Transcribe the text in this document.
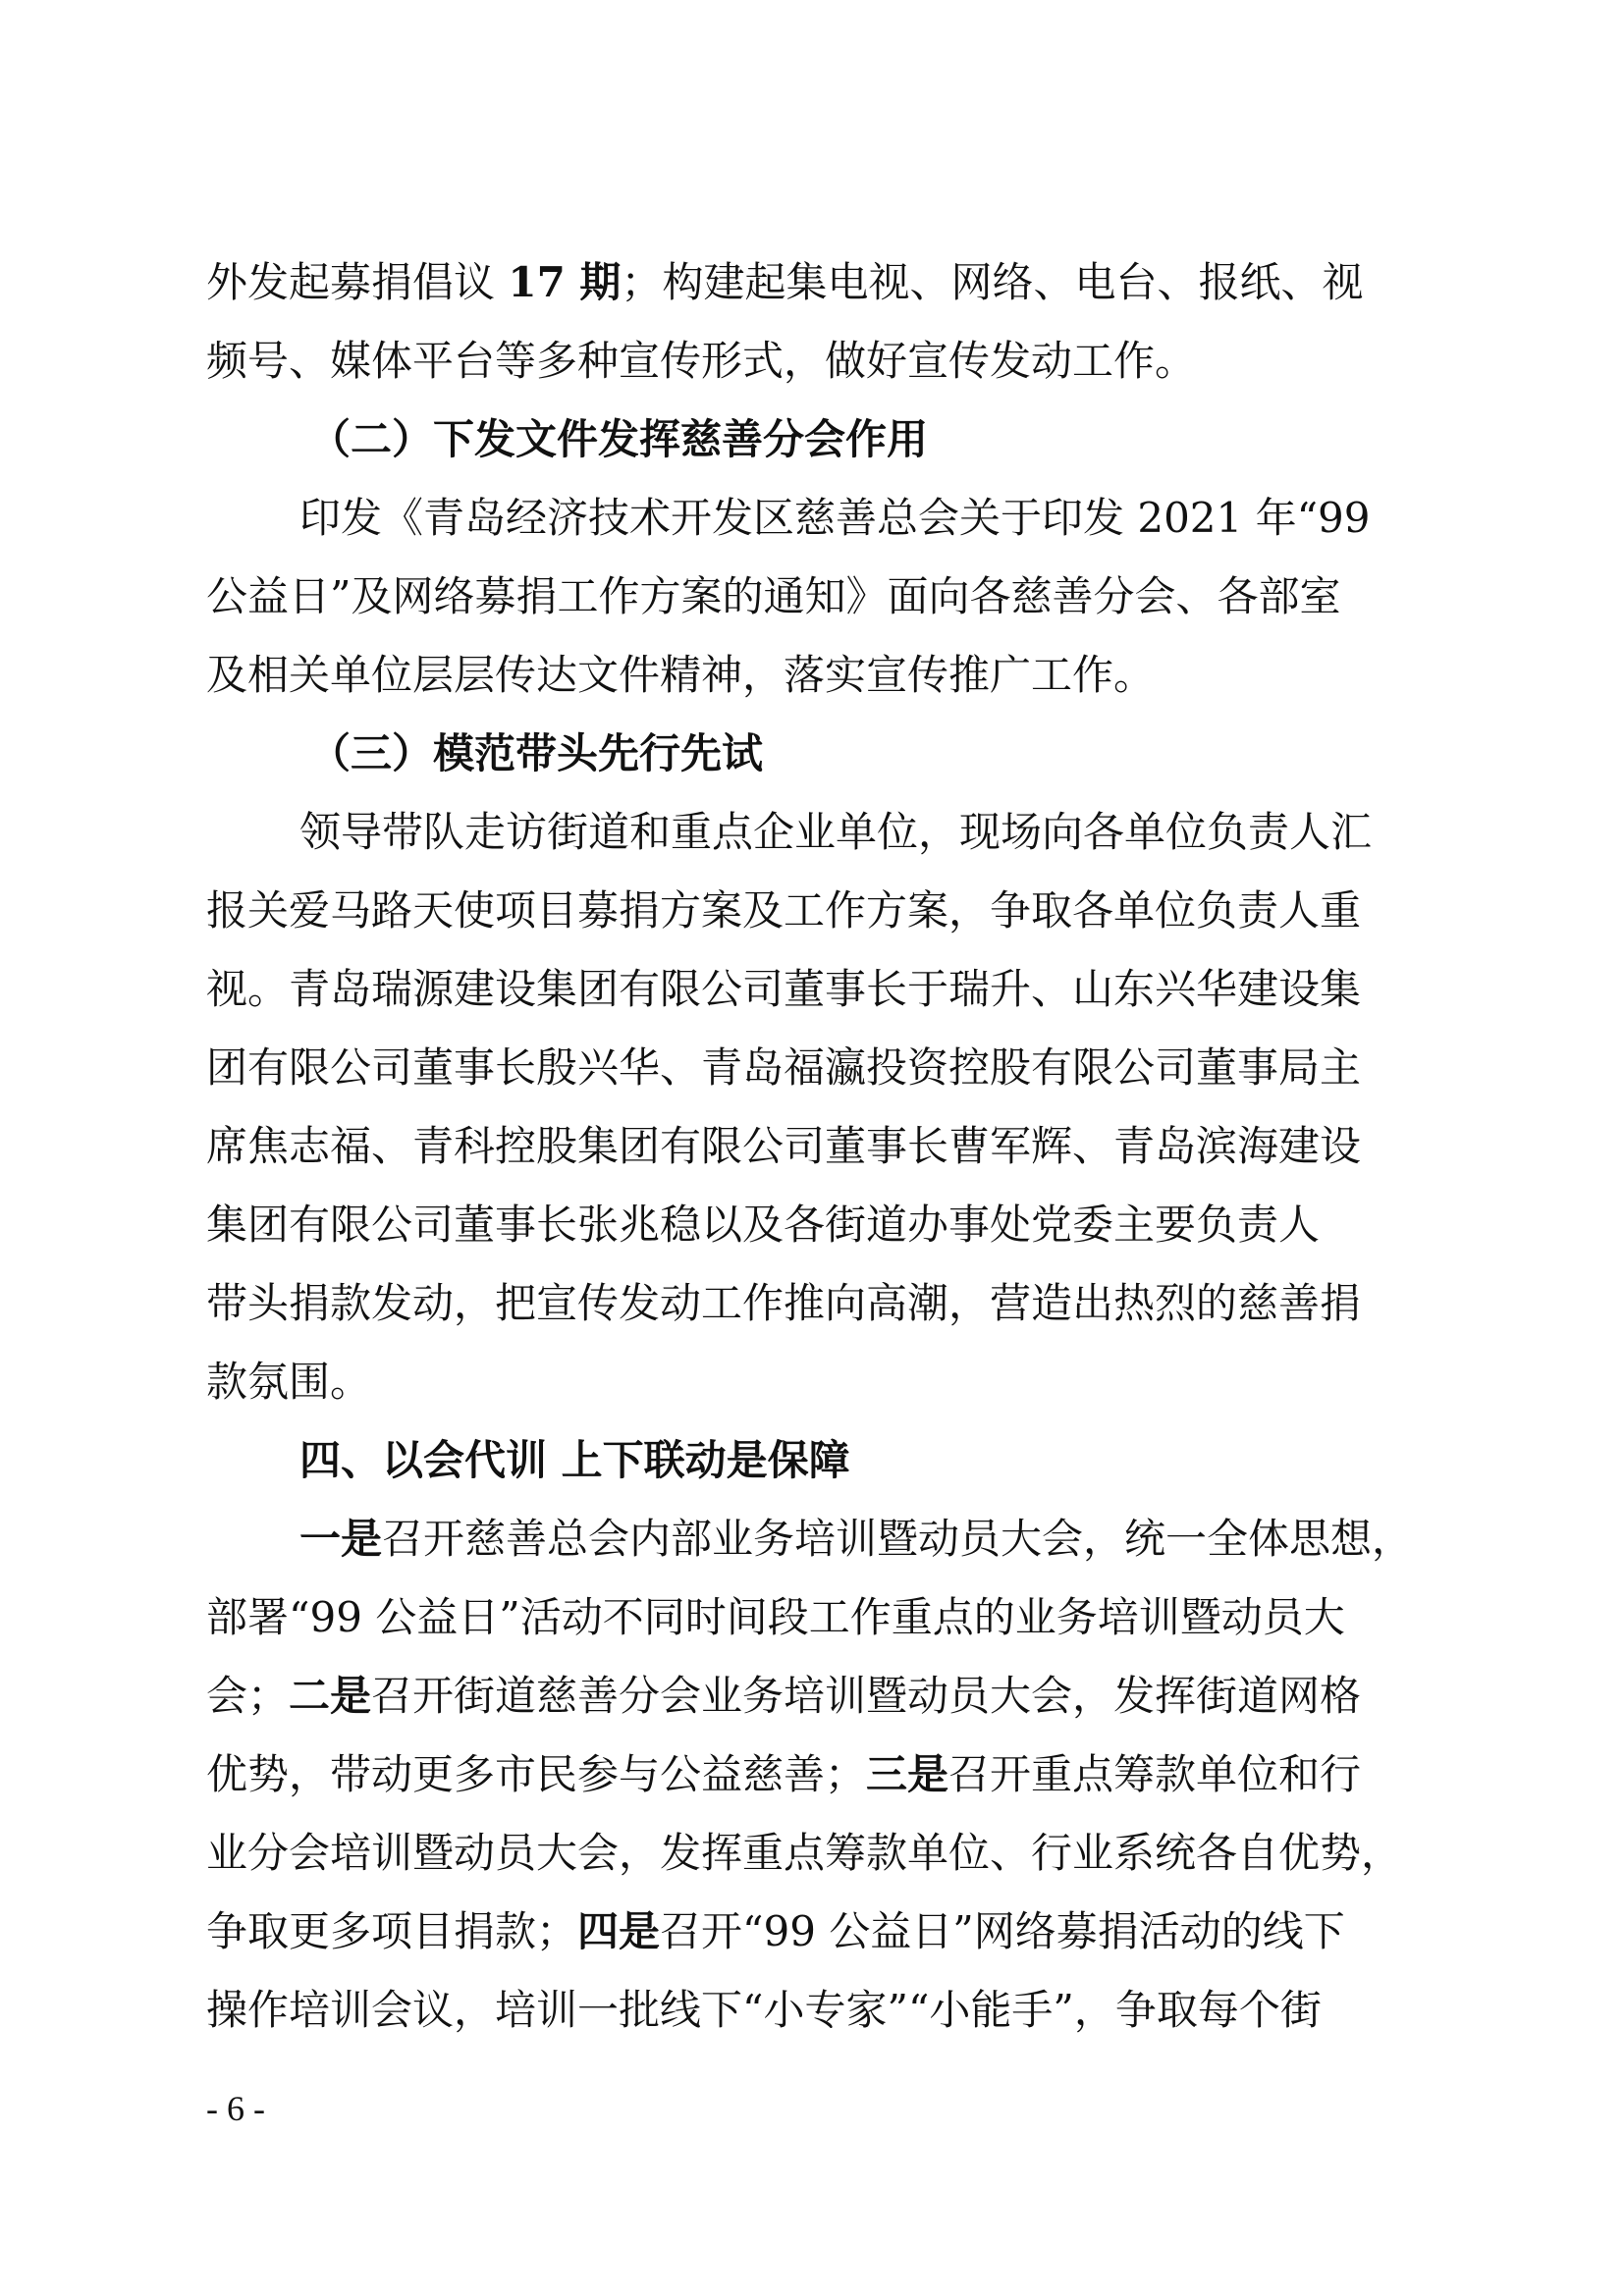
外发起募捐倡议 17 期；构建起集电视、网络、电台、报纸、视
频号、媒体平台等多种宣传形式，做好宣传发动工作。
（二）下发文件发挥慈善分会作用
印发《青岛经济技术开发区慈善总会关于印发 2021 年“99
公益日”及网络募捐工作方案的通知》面向各慈善分会、各部室
及相关单位层层传达文件精神，落实宣传推广工作。
（三）模范带头先行先试
领导带队走访街道和重点企业单位，现场向各单位负责人汇
报关爱马路天使项目募捐方案及工作方案，争取各单位负责人重
视。青岛瑞源建设集团有限公司董事长于瑞升、山东兴华建设集
团有限公司董事长殷兴华、青岛福瀛投资控股有限公司董事局主
席焦志福、青科控股集团有限公司董事长曹军辉、青岛滨海建设
集团有限公司董事长张兆稳以及各街道办事处党委主要负责人
带头捐款发动，把宣传发动工作推向高潮，营造出热烈的慈善捐
款氛围。
四、以会代训 上下联动是保障
一是召开慈善总会内部业务培训暨动员大会，统一全体思想，
部署“99 公益日”活动不同时间段工作重点的业务培训暨动员大
会；二是召开街道慈善分会业务培训暨动员大会，发挥街道网格
优势，带动更多市民参与公益慈善；三是召开重点筹款单位和行
业分会培训暨动员大会，发挥重点筹款单位、行业系统各自优势，
争取更多项目捐款；四是召开“99 公益日”网络募捐活动的线下
操作培训会议，培训一批线下“小专家”“小能手”，争取每个街
- 6 -
